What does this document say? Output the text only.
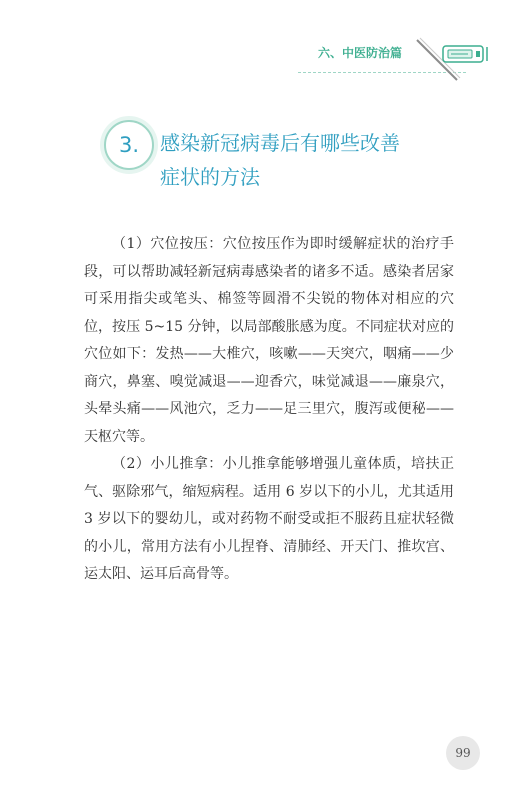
六、中医防治篇
3.	感染新冠病毒后有哪些改善
症状的方法

（1）穴位按压：穴位按压作为即时缓解症状的治疗手段，可以帮助减轻新冠病毒感染者的诸多不适。感染者居家可采用指尖或笔头、棉签等圆滑不尖锐的物体对相应的穴位，按压 5~15 分钟，以局部酸胀感为度。不同症状对应的穴位如下：发热——大椎穴，咳嗽——天突穴，咽痛——少商穴，鼻塞、嗅觉减退——迎香穴，味觉减退——廉泉穴，头晕头痛——风池穴，乏力——足三里穴，腹泻或便秘——天枢穴等。

（2）小儿推拿：小儿推拿能够增强儿童体质，培扶正气、驱除邪气，缩短病程。适用 6 岁以下的小儿，尤其适用 3 岁以下的婴幼儿，或对药物不耐受或拒不服药且症状轻微的小儿，常用方法有小儿捏脊、清肺经、开天门、推坎宫、运太阳、运耳后高骨等。

99
